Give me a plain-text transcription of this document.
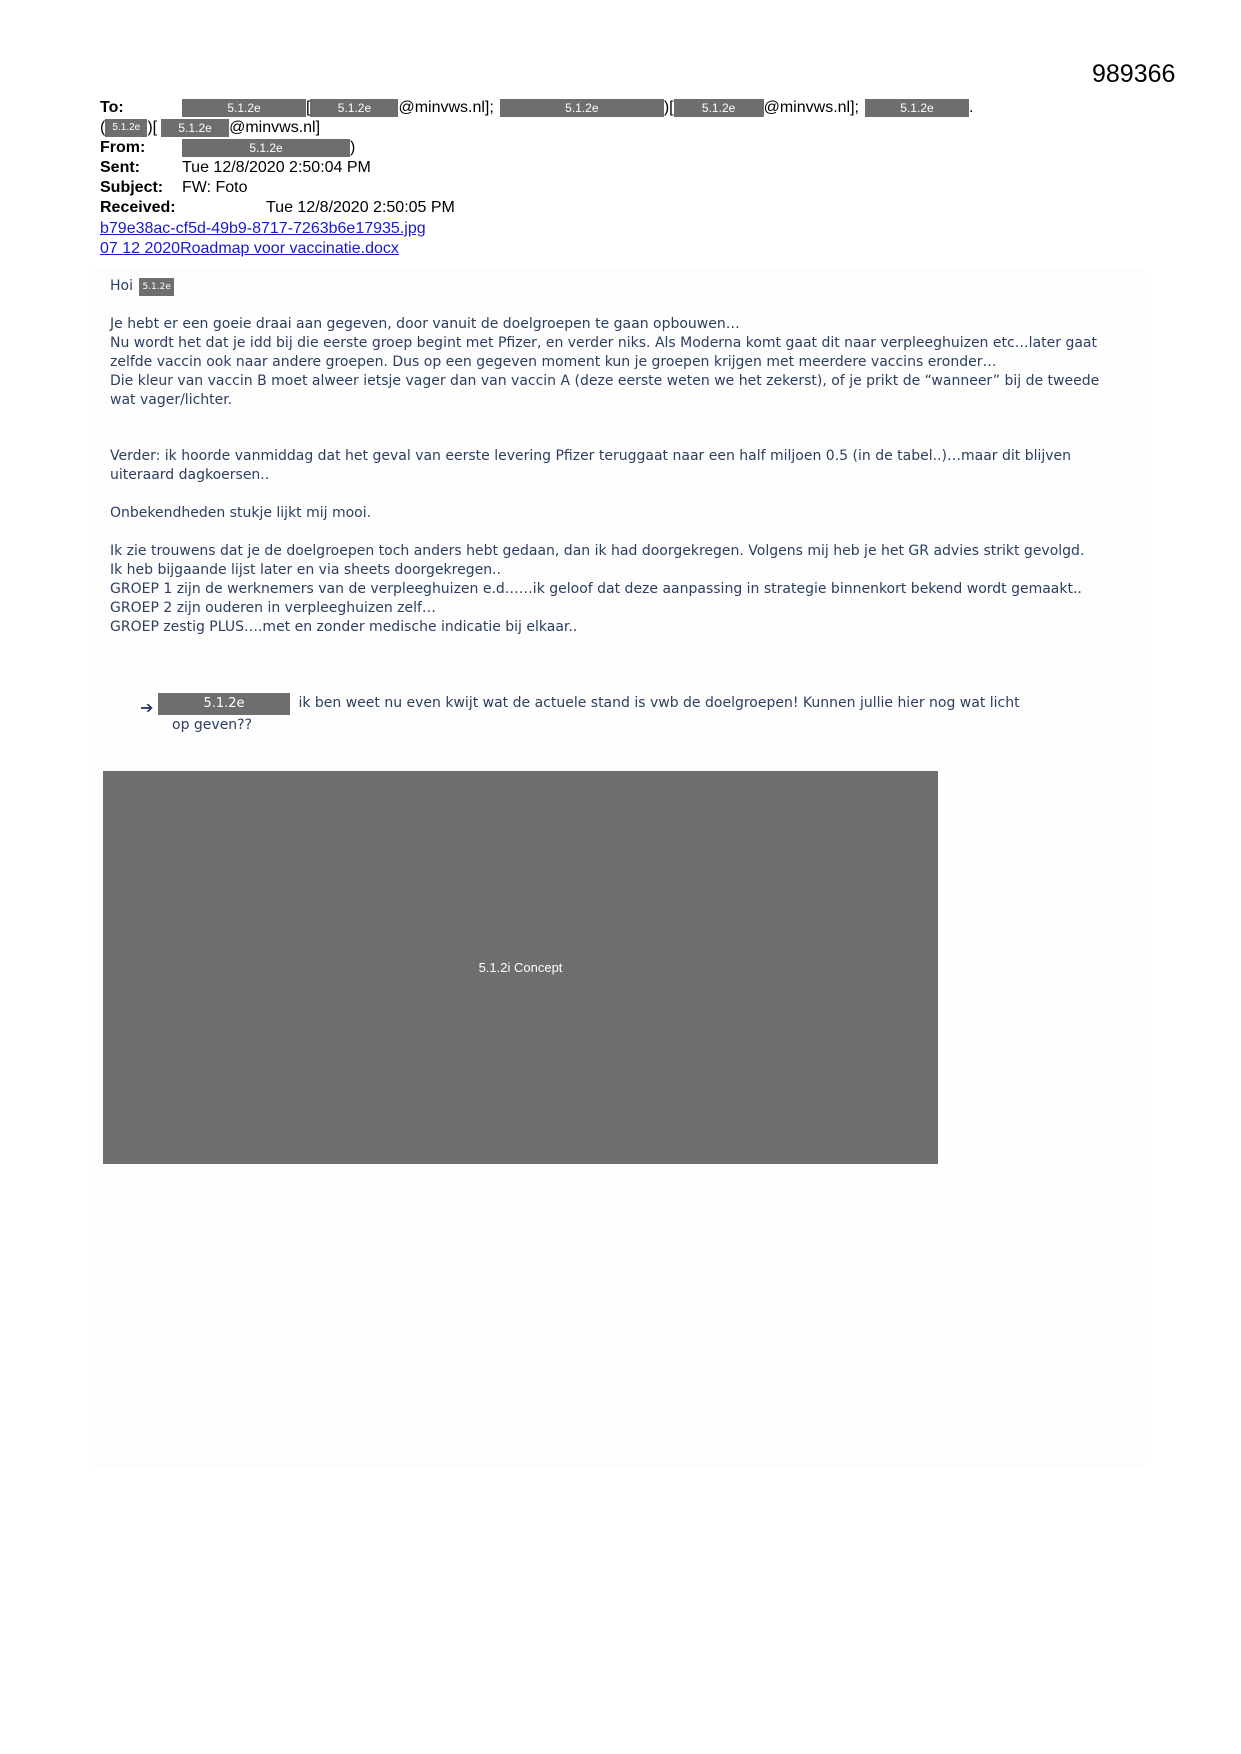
989366
To:	5.1.2e	[ 5.1.2e @minvws.nl];	5.1.2e	)[ 5.1.2e @minvws.nl];	5.1.2e .
( 5.1.2e )[ 5.1.2e @minvws.nl]
From:	5.1.2e	)
Sent:	Tue 12/8/2020 2:50:04 PM
Subject: FW: Foto
Received:	Tue 12/8/2020 2:50:05 PM
b79e38ac-cf5d-49b9-8717-7263b6e17935.jpg
07 12 2020Roadmap voor vaccinatie.docx
Hoi 5.1.2e

Je hebt er een goeie draai aan gegeven, door vanuit de doelgroepen te gaan opbouwen…

Nu wordt het dat je idd bij die eerste groep begint met Pfizer, en verder niks. Als Moderna komt gaat dit naar verpleeghuizen etc…later gaat zelfde vaccin ook naar andere groepen. Dus op een gegeven moment kun je groepen krijgen met meerdere vaccins eronder…

Die kleur van vaccin B moet alweer ietsje vager dan van vaccin A (deze eerste weten we het zekerst), of je prikt de “wanneer” bij de tweede wat vager/lichter.

Verder: ik hoorde vanmiddag dat het geval van eerste levering Pfizer teruggaat naar een half miljoen 0.5 (in de tabel..)…maar dit blijven uiteraard dagkoersen..

Onbekendheden stukje lijkt mij mooi.

Ik zie trouwens dat je de doelgroepen toch anders hebt gedaan, dan ik had doorgekregen. Volgens mij heb je het GR advies strikt gevolgd.

Ik heb bijgaande lijst later en via sheets doorgekregen..

GROEP 1 zijn de werknemers van de verpleeghuizen e.d……ik geloof dat deze aanpassing in strategie binnenkort bekend wordt gemaakt..

GROEP 2 zijn ouderen in verpleeghuizen zelf…

GROEP zestig PLUS….met en zonder medische indicatie bij elkaar..

➔	5.1.2e	ik ben weet nu even kwijt wat de actuele stand is vwb de doelgroepen! Kunnen jullie hier nog wat licht
op geven??
5.1.2i Concept
